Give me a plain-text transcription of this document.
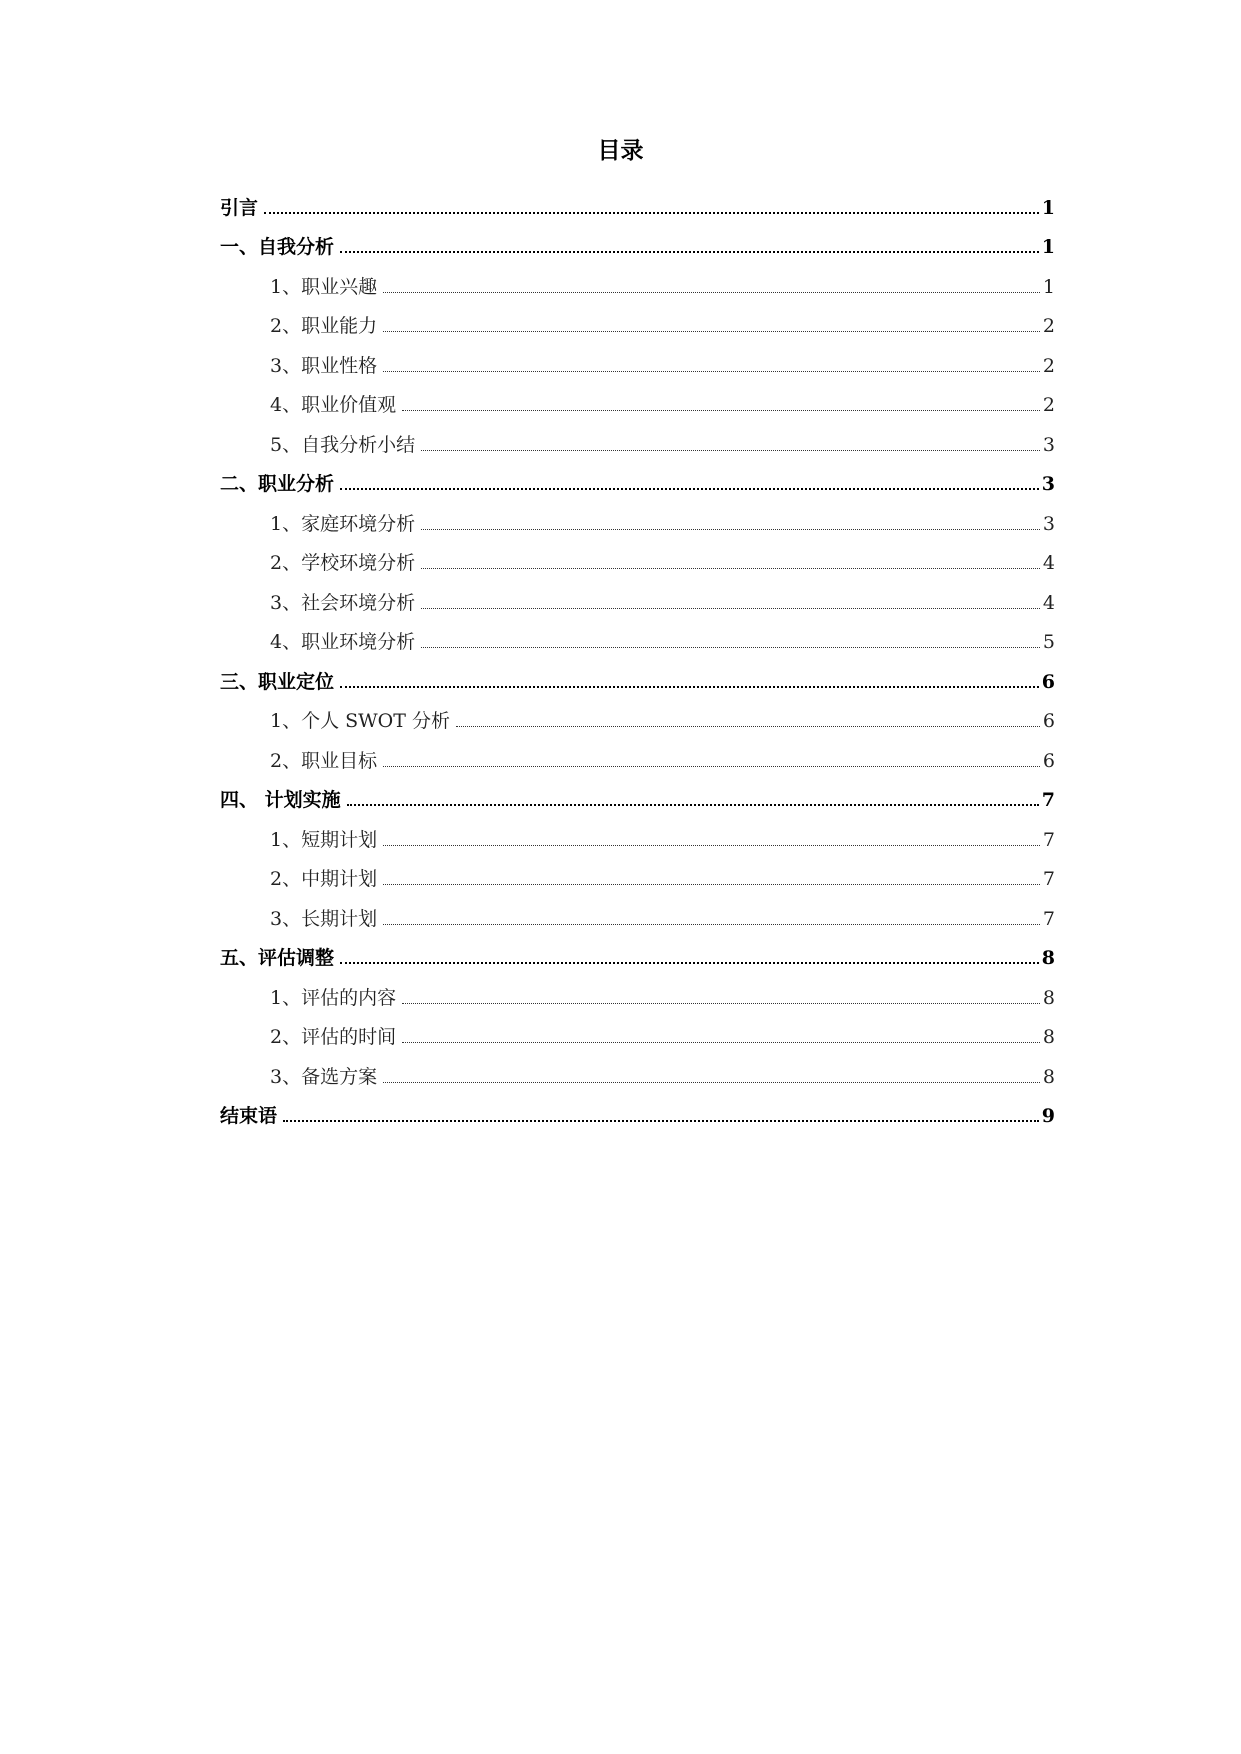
目录
引言	1
一、自我分析	1
1、职业兴趣	1
2、职业能力	2
3、职业性格	2
4、职业价值观	2
5、自我分析小结	3
二、职业分析	3
1、家庭环境分析	3
2、学校环境分析	4
3、社会环境分析	4
4、职业环境分析	5
三、职业定位	6
1、个人 SWOT 分析	6
2、职业目标	6
四、 计划实施	7
1、短期计划	7
2、中期计划	7
3、长期计划	7
五、评估调整	8
1、评估的内容	8
2、评估的时间	8
3、备选方案	8
结束语	9
